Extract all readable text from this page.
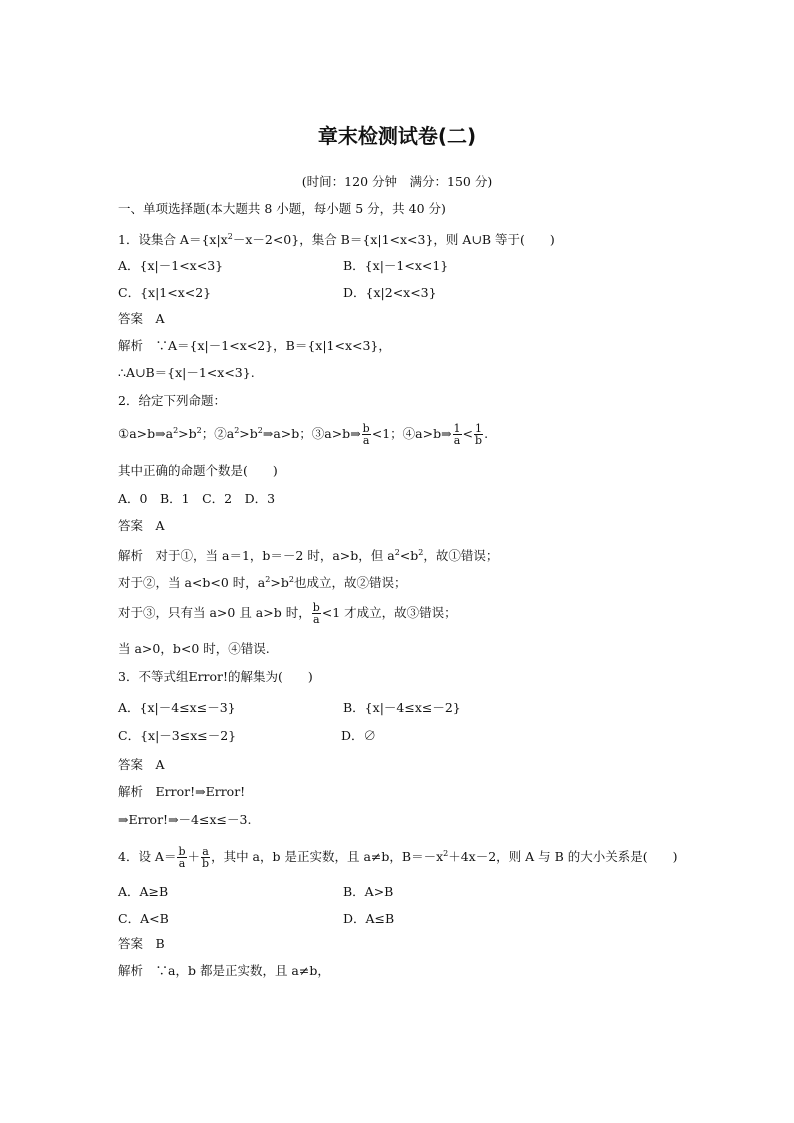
章末检测试卷(二)
(时间：120 分钟　满分：150 分)
一、单项选择题(本大题共 8 小题，每小题 5 分，共 40 分)
1．设集合 $A=\{x|x^2-x-2<0\}$，集合 B＝{x|1<x<3}，则 A∪B 等于(　　)
A．{x|－1<x<3}	B．{x|－1<x<1}
C．{x|1<x<2}	D．{x|2<x<3}
答案　 A
解析　 ∵A＝{x|－1<x<2}，B＝{x|1<x<3}，
∴A∪B＝{x|－1<x<3}.
2．给定下列命题：
$①a>b\Rightarrow a^2>b^2$；$②a^2>b^2\Rightarrow a>b$；③a>b⇒ $\frac{b}{a} <1$；④a>b⇒ $\frac{1}{a} < \frac{1}{b}$ .
其中正确的命题个数是(　　)
A．0　B．1　C．2　D．3
答案　 A
解析　 对于①，当 a＝1，b＝－2 时，a>b，但 $a^2<b^2$，故①错误；
对于②，当 a<b<0 时，$a^2>b^2$也成立，故②错误；
对于③，只有当 a>0 且 a>b 时， $\frac{b}{a} <1$ 才成立，故③错误；
当 a>0，b<0 时，④错误.
3．不等式组Error!的解集为(　　)
A．{x|－4≤x≤－3}	B．{x|－4≤x≤－2}
C．{x|－3≤x≤－2}	D．∅
答案　 A
解析　 Error!⇒Error!
⇒Error!⇒－4≤x≤－3.
4．设 $A= \frac{b}{a} + \frac{a}{b}$ ，其中 a，b 是正实数，且 a≠b，$B=-x^2+4x-2$，则 A 与 B 的大小关系是(　　)
A．A≥B	B．A>B
C．A<B	D．A≤B
答案　 B
解析　 ∵a，b 都是正实数，且 a≠b，
